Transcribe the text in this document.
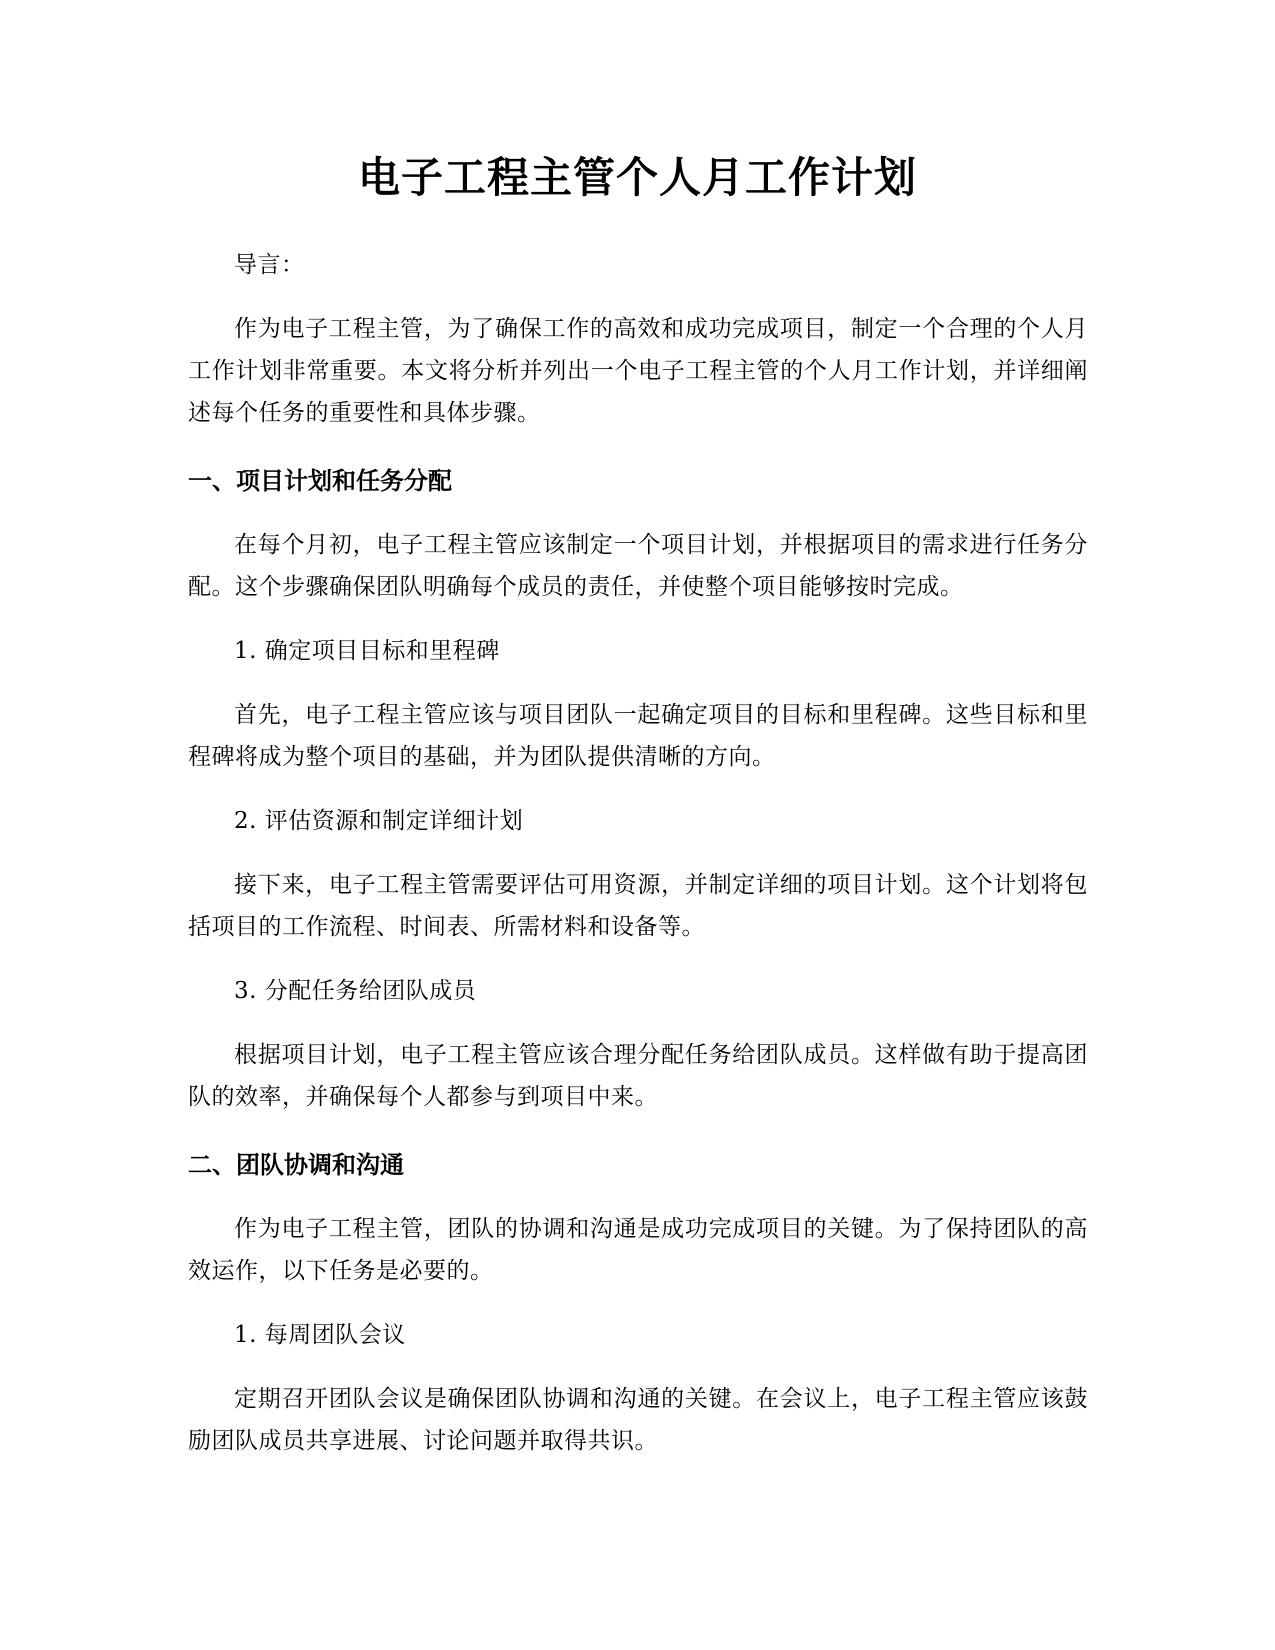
电子工程主管个人月工作计划

导言：

作为电子工程主管，为了确保工作的高效和成功完成项目，制定一个合理的个人月工作计划非常重要。本文将分析并列出一个电子工程主管的个人月工作计划，并详细阐述每个任务的重要性和具体步骤。

一、项目计划和任务分配

在每个月初，电子工程主管应该制定一个项目计划，并根据项目的需求进行任务分配。这个步骤确保团队明确每个成员的责任，并使整个项目能够按时完成。

1. 确定项目目标和里程碑

首先，电子工程主管应该与项目团队一起确定项目的目标和里程碑。这些目标和里程碑将成为整个项目的基础，并为团队提供清晰的方向。

2. 评估资源和制定详细计划

接下来，电子工程主管需要评估可用资源，并制定详细的项目计划。这个计划将包括项目的工作流程、时间表、所需材料和设备等。

3. 分配任务给团队成员

根据项目计划，电子工程主管应该合理分配任务给团队成员。这样做有助于提高团队的效率，并确保每个人都参与到项目中来。

二、团队协调和沟通

作为电子工程主管，团队的协调和沟通是成功完成项目的关键。为了保持团队的高效运作，以下任务是必要的。

1. 每周团队会议

定期召开团队会议是确保团队协调和沟通的关键。在会议上，电子工程主管应该鼓励团队成员共享进展、讨论问题并取得共识。
